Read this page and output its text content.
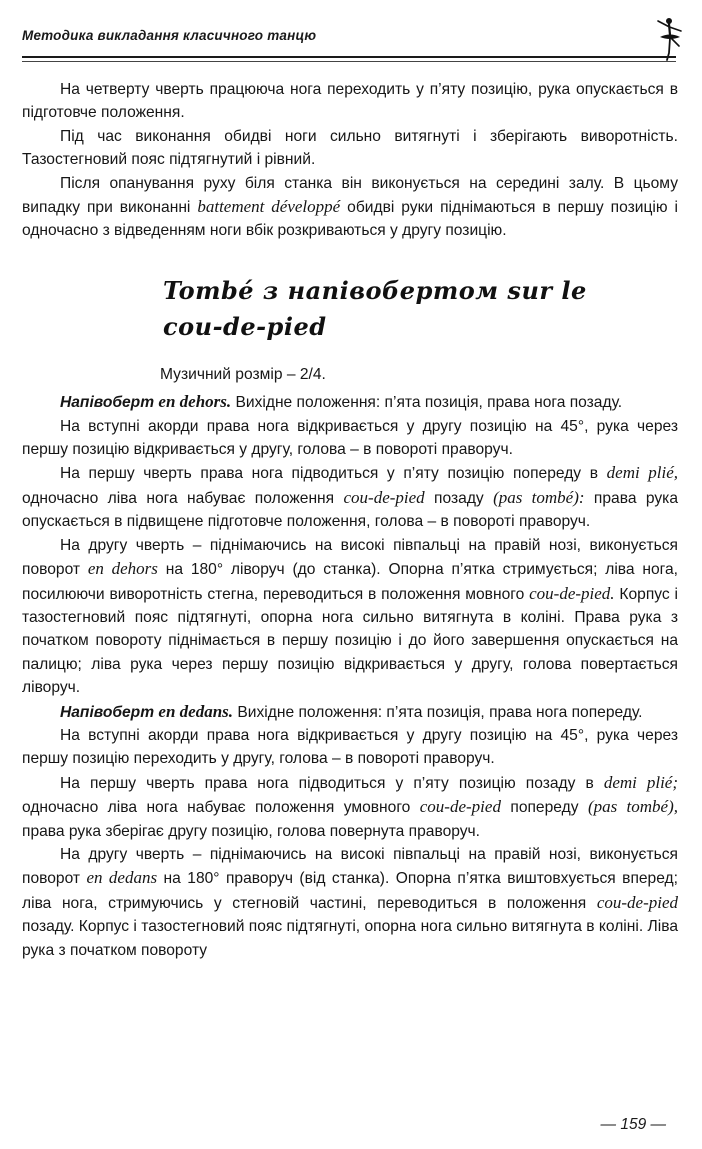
Методика викладання класичного танцю

На четверту чверть працююча нога переходить у п’яту позицію, рука опускається в підготовче положення.

Під час виконання обидві ноги сильно витягнуті і зберігають виворотність. Тазостегновий пояс підтягнутий і рівний.

Після опанування руху біля станка він виконується на середині залу. В цьому випадку при виконанні battement développé обидві руки піднімаються в першу позицію і одночасно з відведенням ноги вбік розкриваються у другу позицію.

Tombé з напівобертом sur le
cou-de-pied

Музичний розмір – 2/4.

Напівоберт en dehors. Вихідне положення: п’ята позиція, права нога позаду.

На вступні акорди права нога відкривається у другу позицію на 45°, рука через першу позицію відкривається у другу, голова – в повороті праворуч.

На першу чверть права нога підводиться у п’яту позицію попереду в demi plié, одночасно ліва нога набуває положення cou-de-pied позаду (pas tombé): права рука опускається в підвищене підготовче положення, голова – в повороті праворуч.

На другу чверть – піднімаючись на високі півпальці на правій нозі, виконується поворот en dehors на 180° ліворуч (до станка). Опорна п’ятка стримується; ліва нога, посилюючи виворотність стегна, переводиться в положення мовного cou-de-pied. Корпус і тазостегновий пояс підтягнуті, опорна нога сильно витягнута в коліні. Права рука з початком повороту піднімається в першу позицію і до його завершення опускається на палицю; ліва рука через першу позицію відкривається у другу, голова повертається ліворуч.

Напівоберт en dedans. Вихідне положення: п’ята позиція, права нога попереду.

На вступні акорди права нога відкривається у другу позицію на 45°, рука через першу позицію переходить у другу, голова – в повороті праворуч.

На першу чверть права нога підводиться у п’яту позицію позаду в demi plié; одночасно ліва нога набуває положення умовного cou-de-pied попереду (pas tombé), права рука зберігає другу позицію, голова повернута праворуч.

На другу чверть – піднімаючись на високі півпальці на правій нозі, виконується поворот en dedans на 180° праворуч (від станка). Опорна п’ятка виштовхується вперед; ліва нога, стримуючись у стегновій частині, переводиться в положення cou-de-pied позаду. Корпус і тазостегновий пояс підтягнуті, опорна нога сильно витягнута в коліні. Ліва рука з початком повороту

— 159 —
